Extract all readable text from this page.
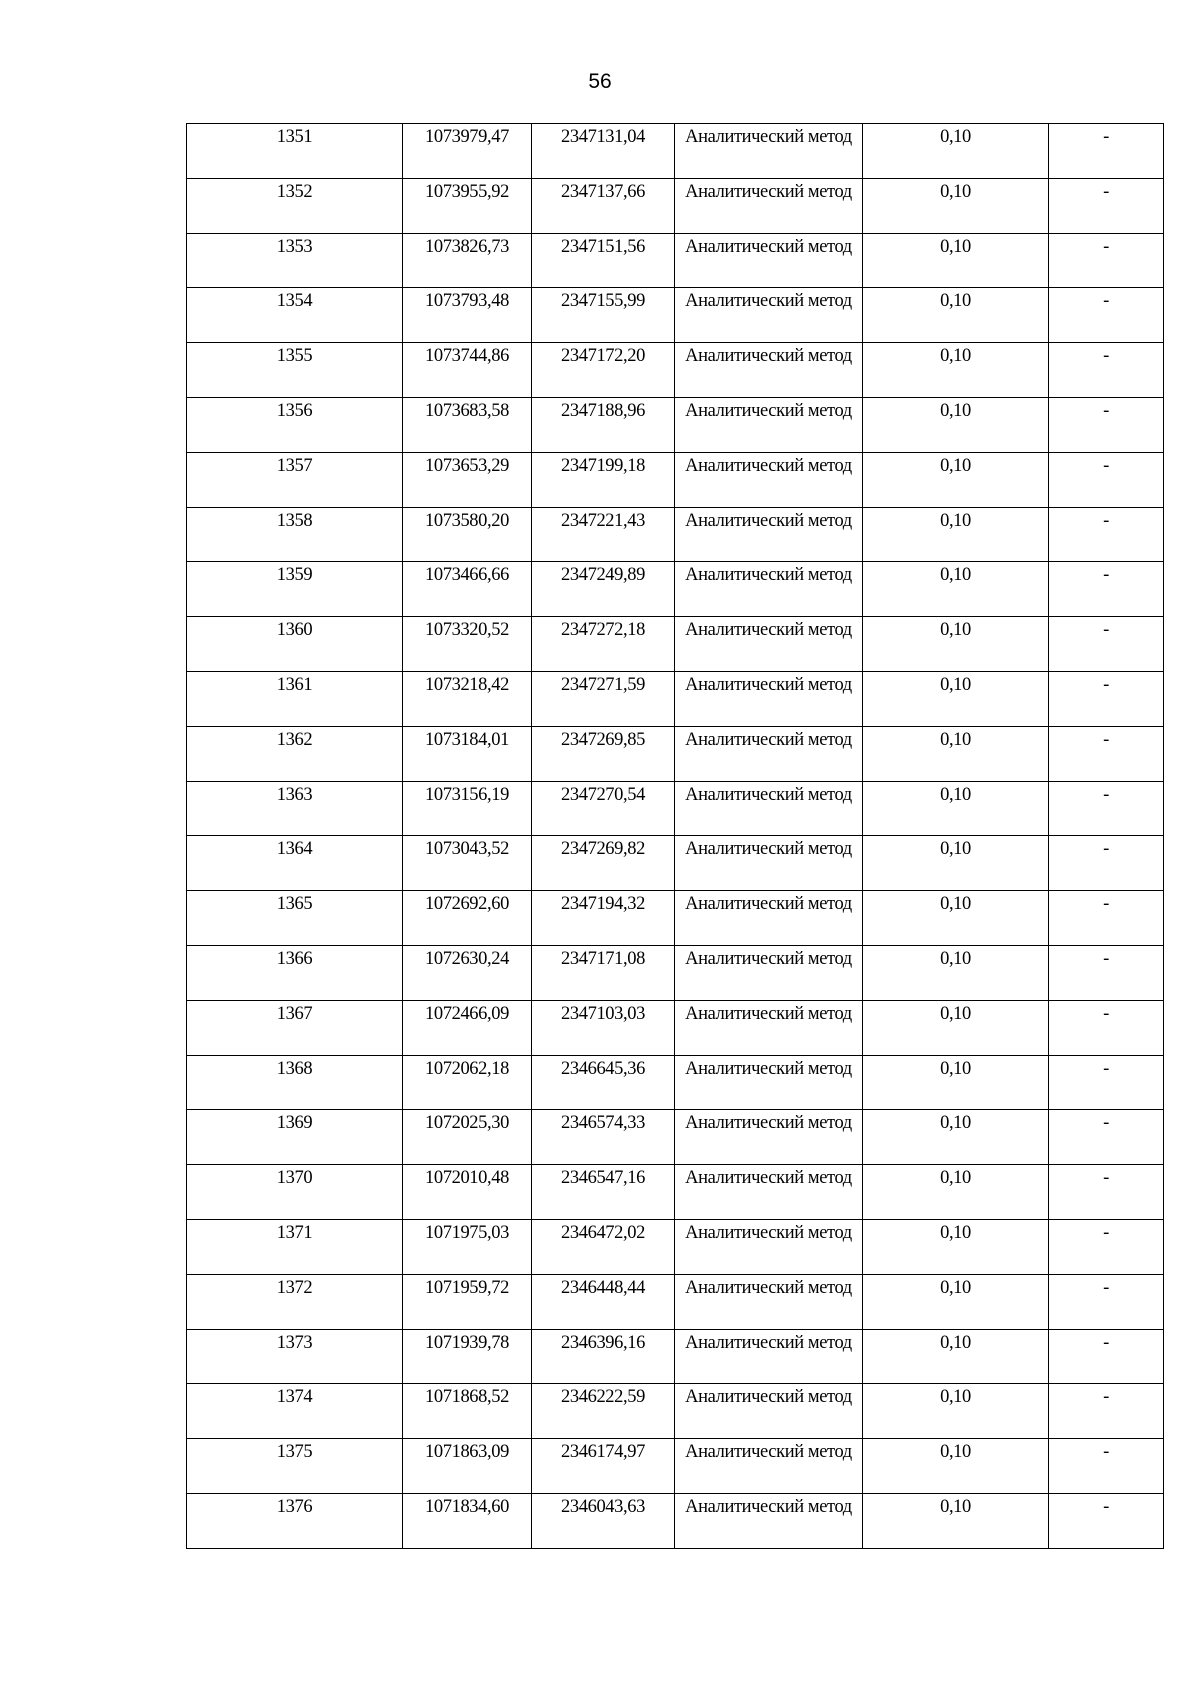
56
1351	1073979,47	2347131,04	Аналитический метод	0,10	-

1352	1073955,92	2347137,66	Аналитический метод	0,10	-

1353	1073826,73	2347151,56	Аналитический метод	0,10	-

1354	1073793,48	2347155,99	Аналитический метод	0,10	-

1355	1073744,86	2347172,20	Аналитический метод	0,10	-

1356	1073683,58	2347188,96	Аналитический метод	0,10	-

1357	1073653,29	2347199,18	Аналитический метод	0,10	-

1358	1073580,20	2347221,43	Аналитический метод	0,10	-

1359	1073466,66	2347249,89	Аналитический метод	0,10	-

1360	1073320,52	2347272,18	Аналитический метод	0,10	-

1361	1073218,42	2347271,59	Аналитический метод	0,10	-

1362	1073184,01	2347269,85	Аналитический метод	0,10	-

1363	1073156,19	2347270,54	Аналитический метод	0,10	-

1364	1073043,52	2347269,82	Аналитический метод	0,10	-

1365	1072692,60	2347194,32	Аналитический метод	0,10	-

1366	1072630,24	2347171,08	Аналитический метод	0,10	-

1367	1072466,09	2347103,03	Аналитический метод	0,10	-

1368	1072062,18	2346645,36	Аналитический метод	0,10	-

1369	1072025,30	2346574,33	Аналитический метод	0,10	-

1370	1072010,48	2346547,16	Аналитический метод	0,10	-

1371	1071975,03	2346472,02	Аналитический метод	0,10	-

1372	1071959,72	2346448,44	Аналитический метод	0,10	-

1373	1071939,78	2346396,16	Аналитический метод	0,10	-

1374	1071868,52	2346222,59	Аналитический метод	0,10	-

1375	1071863,09	2346174,97	Аналитический метод	0,10	-

1376	1071834,60	2346043,63	Аналитический метод	0,10	-
